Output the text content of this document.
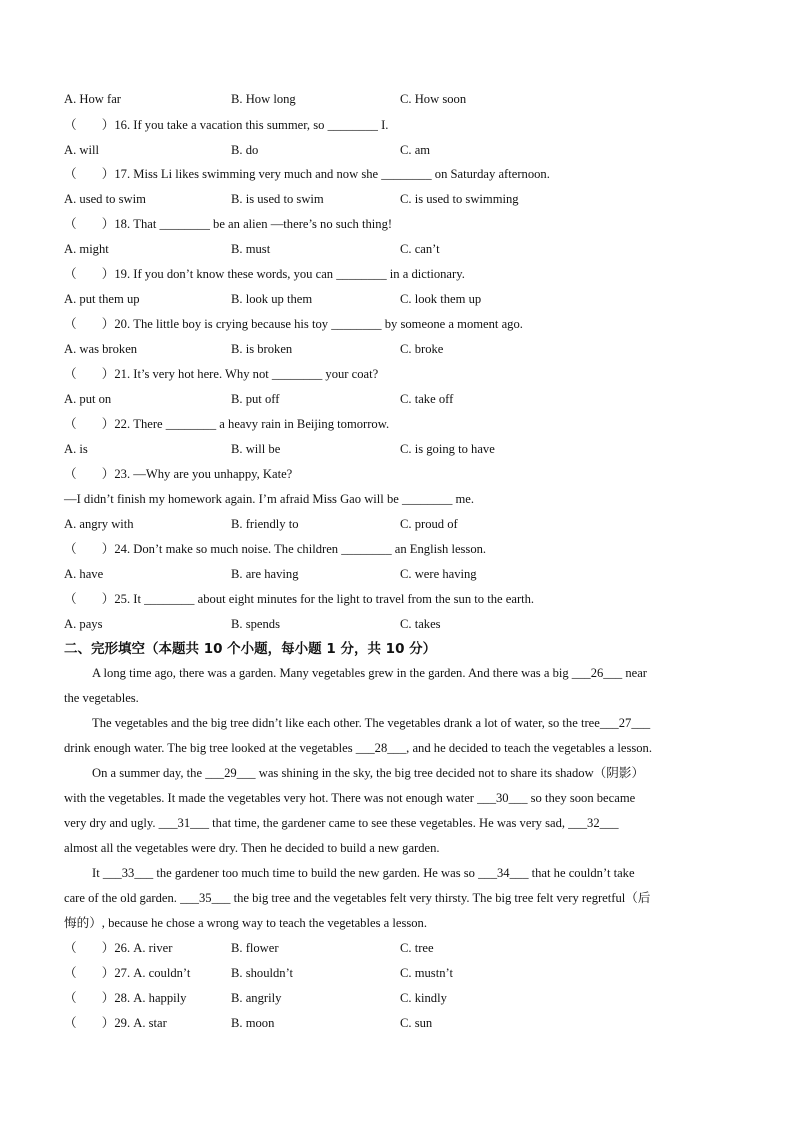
A. How far	B. How long	C. How soon
（　　）16. If you take a vacation this summer, so ________ I.
A. will	B. do	C. am
（　　）17. Miss Li likes swimming very much and now she ________ on Saturday afternoon.
A. used to swim	B. is used to swim	C. is used to swimming
（　　）18. That ________ be an alien —there’s no such thing!
A. might	B. must	C. can’t
（　　）19. If you don’t know these words, you can ________ in a dictionary.
A. put them up	B. look up them	C. look them up
（　　）20. The little boy is crying because his toy ________ by someone a moment ago.
A. was broken	B. is broken	C. broke
（　　）21. It’s very hot here. Why not ________ your coat?
A. put on	B. put off	C. take off
（　　）22. There ________ a heavy rain in Beijing tomorrow.
A. is	B. will be	C. is going to have
（　　）23. —Why are you unhappy, Kate?
—I didn’t finish my homework again. I’m afraid Miss Gao will be ________ me.
A. angry with	B. friendly to	C. proud of
（　　）24. Don’t make so much noise. The children ________ an English lesson.
A. have	B. are having	C. were having
（　　）25. It ________ about eight minutes for the light to travel from the sun to the earth.
A. pays	B. spends	C. takes
二、完形填空（本题共 10 个小题，每小题 1 分，共 10 分）
A long time ago, there was a garden. Many vegetables grew in the garden. And there was a big ___26___ near
the vegetables.
The vegetables and the big tree didn’t like each other. The vegetables drank a lot of water, so the tree___27___
drink enough water. The big tree looked at the vegetables ___28___, and he decided to teach the vegetables a lesson.
On a summer day, the ___29___ was shining in the sky, the big tree decided not to share its shadow（阴影）
with the vegetables. It made the vegetables very hot. There was not enough water ___30___ so they soon became
very dry and ugly. ___31___ that time, the gardener came to see these vegetables. He was very sad, ___32___
almost all the vegetables were dry. Then he decided to build a new garden.
It ___33___ the gardener too much time to build the new garden. He was so ___34___ that he couldn’t take
care of the old garden. ___35___ the big tree and the vegetables felt very thirsty. The big tree felt very regretful（后
悔的）, because he chose a wrong way to teach the vegetables a lesson.
（　　）26. A. river	B. flower	C. tree
（　　）27. A. couldn’t	B. shouldn’t	C. mustn’t
（　　）28. A. happily	B. angrily	C. kindly
（　　）29. A. star	B. moon	C. sun
